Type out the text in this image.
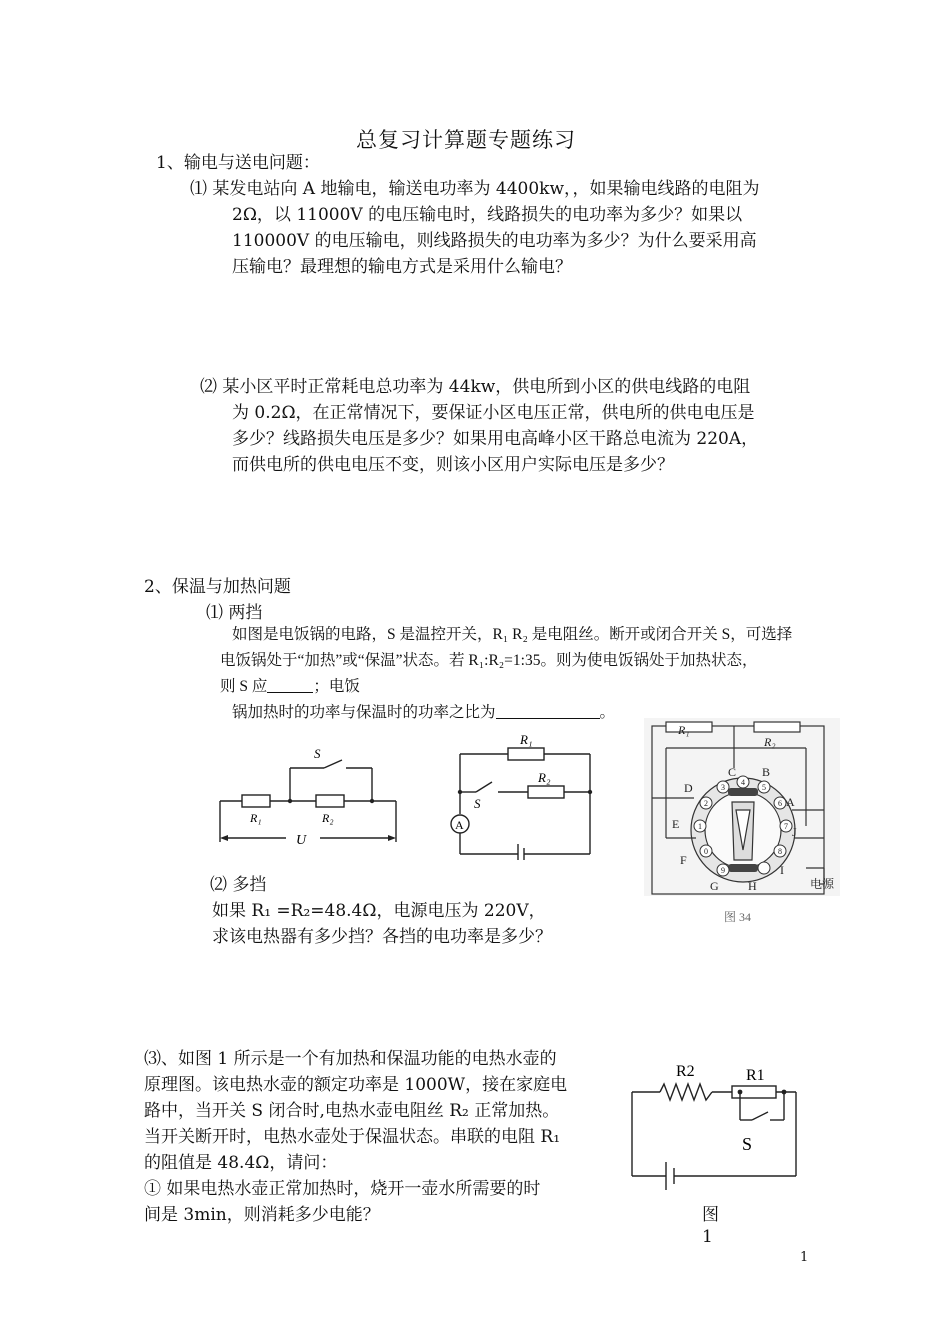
总复习计算题专题练习
1、输电与送电问题：
⑴ 某发电站向 A 地输电，输送电功率为 4400kw，，如果输电线路的电阻为
2Ω，以 11000V 的电压输电时，线路损失的电功率为多少？如果以
110000V 的电压输电，则线路损失的电功率为多少？为什么要采用高
压输电？最理想的输电方式是采用什么输电？
⑵ 某小区平时正常耗电总功率为 44kw，供电所到小区的供电线路的电阻
为 0.2Ω，在正常情况下，要保证小区电压正常，供电所的供电电压是
多少？线路损失电压是多少？如果用电高峰小区干路总电流为 220A，
而供电所的供电电压不变，则该小区用户实际电压是多少？
2、保温与加热问题
⑴ 两挡
如图是电饭锅的电路，S 是温控开关，R₁ R₂ 是电阻丝。断开或闭合开关 S，可选择
电饭锅处于“加热”或“保温”状态。若 R₁:R₂=1:35。则为使电饭锅处于加热状态，
则 S 应	；电饭
锅加热时的功率与保温时的功率之比为	。
S
R₁	R₂
U
R₁
R₂
S
A
4
3	5
2	6
1	7
0	8
9
R₁
R₂
A
B
C
D
E
F
G H
I
J
电源
图 34
⑵ 多挡
如果 R₁ =R₂=48.4Ω，电源电压为 220V，
求该电热器有多少挡？各挡的电功率是多少？
⑶、如图 1 所示是一个有加热和保温功能的电热水壶的
原理图。该电热水壶的额定功率是 1000W，接在家庭电
路中，当开关 S 闭合时,电热水壶电阻丝 R₂ 正常加热。
当开关断开时，电热水壶处于保温状态。串联的电阻 R₁
的阻值是 48.4Ω，请问：
① 如果电热水壶正常加热时，烧开一壶水所需要的时
间是 3min，则消耗多少电能？
R2	R1
S
图
1
1
